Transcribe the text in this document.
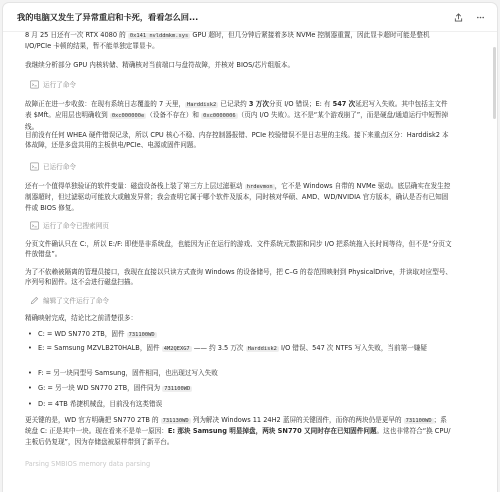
我的电脑又发生了异常重启和卡死，看看怎么回...
8 月 25 日还有一次 RTX 4080 的 0x141 nvlddmkm.sys GPU 超时，但几分钟后紧接着多块 NVMe 控制器重置，因此显卡超时可能是整机 I/O/PCIe 卡顿的结果，暂不能单独定罪显卡。
我继续分析部分 GPU 内核转储、精确核对当前端口与盘符故障，并核对 BIOS/芯片组版本。
运行了命令
故障正在进一步收敛：在现有系统日志覆盖的 7 天里， Harddisk2 已记录约 3 万次分页 I/O 错误；E: 有 547 次延迟写入失败。其中包括主文件表 $Mft。应用层也明确收到 0xc000000e （设备不存在）和 0xc0000006 （页内 I/O 失败）。这不是“某个游戏崩了”，而是硬盘/通道运行中短暂掉线。
目前没有任何 WHEA 硬件错误记录，所以 CPU 核心不稳、内存控制器报错、PCIe 校验错误不是日志里的主线。接下来重点区分：Harddisk2 本体故障，还是多盘共用的主板供电/PCIe、电源或固件问题。
已运行命令
还有一个值得单独验证的软件变量：磁盘设备栈上装了第三方上层过滤驱动 hrdevmon ，它不是 Windows 自带的 NVMe 驱动。底层确实在发生控制器超时，但过滤驱动可能放大或触发异常；我会查明它属于哪个软件及版本，同时核对华硕、AMD、WD/NVIDIA 官方版本，确认是否有已知固件或 BIOS 修复。
运行了命令已搜索网页
分页文件确认只在 C:，所以 E:/F: 即使是非系统盘，也能因为正在运行的游戏、文件系统元数据和同步 I/O 把系统拖入长时间等待，但不是“分页文件放错盘”。
为了不依赖被隔离的管理员接口，我现在直接以只读方式查询 Windows 的设备储号，把 C–G 的卷范围映射到 PhysicalDrive，并读取对应型号、序列号和固件。这不会进行磁盘扫描。
编辑了文件运行了命令
精确映射完成，结论比之前清楚很多：
• C: = WD SN770 2TB，固件 731100WD
• E: = Samsung MZVLB2T0HALB，固件 4M2QEXG7 —— 约 3.5 万次 Harddisk2 I/O 错误、547 次 NTFS 写入失败，当前第一嫌疑
• F: = 另一块同型号 Samsung，固件相同，也出现过写入失败
• G: = 另一块 WD SN770 2TB，固件同为 731100WD
• D: = 4TB 希捷机械盘，目前没有这类错误
更关键的是，WD 官方明确把 SN770 2TB 的 731130WD 列为解决 Windows 11 24H2 蓝屏的关键固件，而你的两块仍是更早的 731100WD ；系统盘 C: 正是其中一块。现在看来不是单一原因：E: 那块 Samsung 明显掉盘，两块 SN770 又同时存在已知固件问题。这也非常符合“换 CPU/主板后仍复现”，因为存储盘被原样带到了新平台。
Parsing SMBIOS memory data parsing
